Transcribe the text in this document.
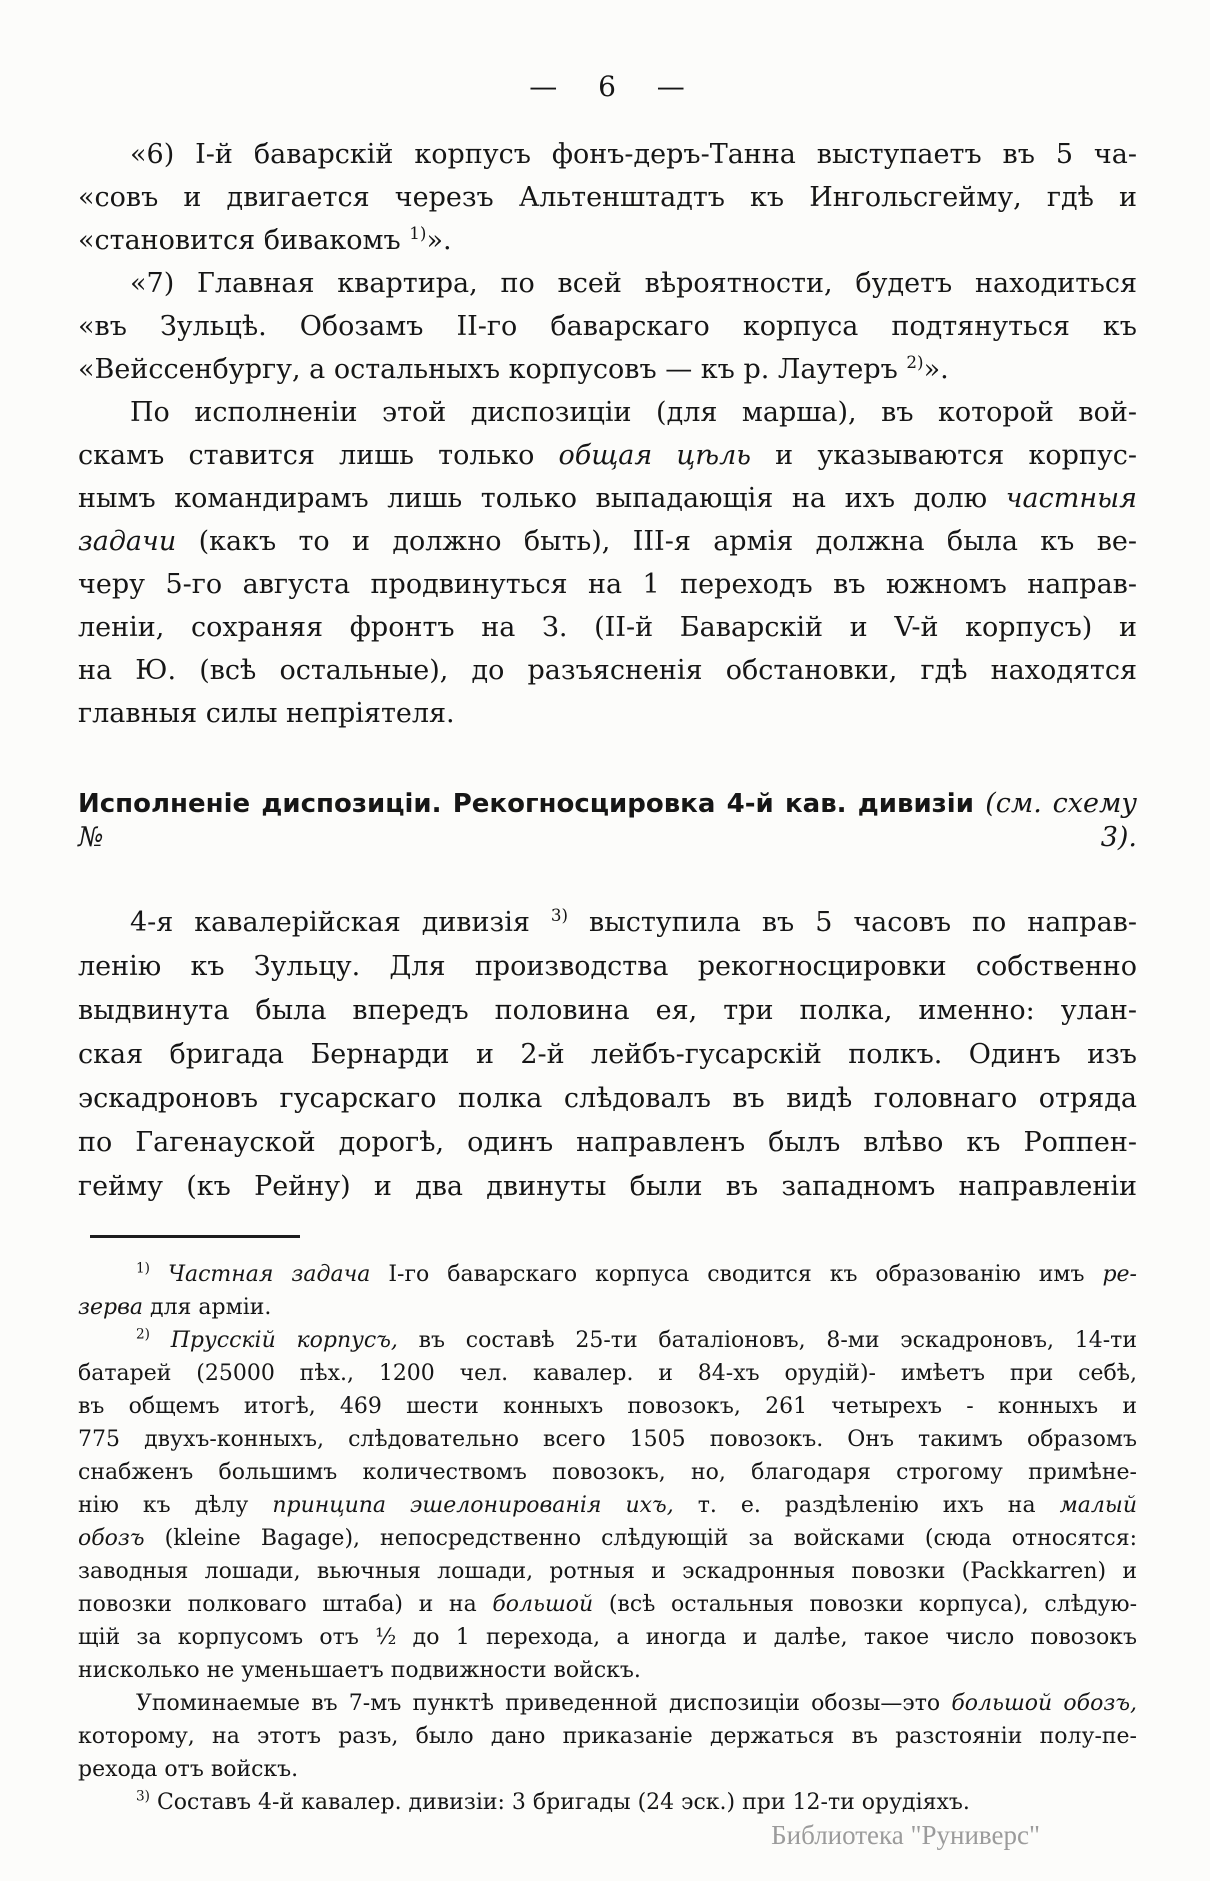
— 6 —
«6) I-й баварскій корпусъ фонъ-деръ-Танна выступаетъ въ 5 ча-
«совъ и двигается черезъ Альтенштадтъ къ Ингольсгейму, гдѣ и
«становится бивакомъ $^{1)}$».
«7) Главная квартира, по всей вѣроятности, будетъ находиться
«въ Зульцѣ. Обозамъ II-го баварскаго корпуса подтянуться къ
«Вейссенбургу, а остальныхъ корпусовъ — къ р. Лаутеръ $^{2)}$».
По исполненіи этой диспозиціи (для марша), въ которой вой-
скамъ ставится лишь только общая цѣль и указываются корпус-
нымъ командирамъ лишь только выпадающія на ихъ долю частныя
задачи (какъ то и должно быть), III-я армія должна была къ ве-
черу 5-го августа продвинуться на 1 переходъ въ южномъ направ-
леніи, сохраняя фронтъ на З. (II-й Баварскій и V-й корпусъ) и
на Ю. (всѣ остальные), до разъясненія обстановки, гдѣ находятся
главныя силы непріятеля.
Исполненіе диспозиціи. Рекогносцировка 4-й кав. дивизіи (см. схему № 3).
4-я кавалерійская дивизія $^{3)}$ выступила въ 5 часовъ по направ-
ленію къ Зульцу. Для производства рекогносцировки собственно
выдвинута была впередъ половина ея, три полка, именно: улан-
ская бригада Бернарди и 2-й лейбъ-гусарскій полкъ. Одинъ изъ
эскадроновъ гусарскаго полка слѣдовалъ въ видѣ головнаго отряда
по Гагенауской дорогѣ, одинъ направленъ былъ влѣво къ Роппен-
гейму (къ Рейну) и два двинуты были въ западномъ направленіи
$^{1)}$ Частная задача I-го баварскаго корпуса сводится къ образованію имъ ре-
зерва для арміи.
$^{2)}$ Прусскій корпусъ, въ составѣ 25-ти баталіоновъ, 8-ми эскадроновъ, 14-ти
батарей (25000 пѣх., 1200 чел. кавалер. и 84-хъ орудій)- имѣетъ при себѣ,
въ общемъ итогѣ, 469 шести конныхъ повозокъ, 261 четырехъ - конныхъ и
775 двухъ-конныхъ, слѣдовательно всего 1505 повозокъ. Онъ такимъ образомъ
снабженъ большимъ количествомъ повозокъ, но, благодаря строгому примѣне-
нію къ дѣлу принципа эшелонированія ихъ, т. е. раздѣленію ихъ на малый
обозъ (kleine Bagage), непосредственно слѣдующій за войсками (сюда относятся:
заводныя лошади, вьючныя лошади, ротныя и эскадронныя повозки (Packkarren) и
повозки полковаго штаба) и на большой (всѣ остальныя повозки корпуса), слѣдую-
щій за корпусомъ отъ ½ до 1 перехода, а иногда и далѣе, такое число повозокъ
нисколько не уменьшаетъ подвижности войскъ.
Упоминаемые въ 7-мъ пунктѣ приведенной диспозиціи обозы—это большой обозъ,
которому, на этотъ разъ, было дано приказаніе держаться въ разстояніи полу-пе-
рехода отъ войскъ.
$^{3)}$ Составъ 4-й кавалер. дивизіи: 3 бригады (24 эск.) при 12-ти орудіяхъ.
Библиотека "Руниверс"
